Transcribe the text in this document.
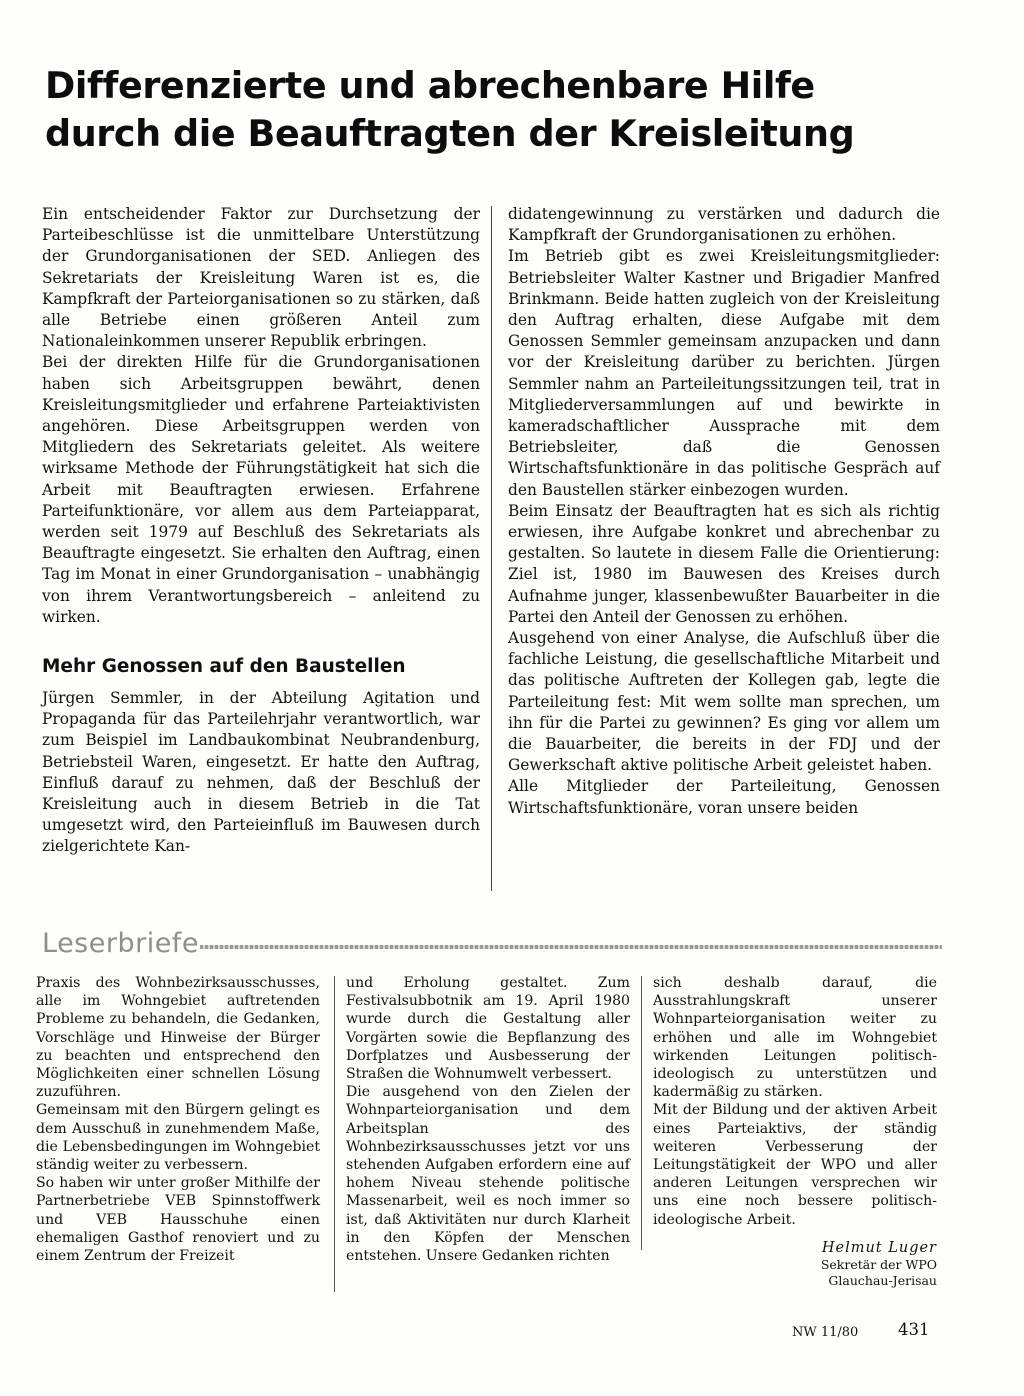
Differenzierte und abrechenbare Hilfe
durch die Beauftragten der Kreisleitung

Ein entscheidender Faktor zur Durchsetzung der Parteibeschlüsse ist die unmittelbare Unterstützung der Grundorganisationen der SED. Anliegen des Sekretariats der Kreisleitung Waren ist es, die Kampfkraft der Parteiorganisationen so zu stärken, daß alle Betriebe einen größeren Anteil zum Nationaleinkommen unserer Republik erbringen.

Bei der direkten Hilfe für die Grundorganisationen haben sich Arbeitsgruppen bewährt, denen Kreisleitungsmitglieder und erfahrene Parteiaktivisten angehören. Diese Arbeitsgruppen werden von Mitgliedern des Sekretariats geleitet. Als weitere wirksame Methode der Führungstätigkeit hat sich die Arbeit mit Beauftragten erwiesen. Erfahrene Parteifunktionäre, vor allem aus dem Parteiapparat, werden seit 1979 auf Beschluß des Sekretariats als Beauftragte eingesetzt. Sie erhalten den Auftrag, einen Tag im Monat in einer Grundorganisation – unabhängig von ihrem Verantwortungsbereich – anleitend zu wirken.

Mehr Genossen auf den Baustellen

Jürgen Semmler, in der Abteilung Agitation und Propaganda für das Parteilehrjahr verantwortlich, war zum Beispiel im Landbaukombinat Neubrandenburg, Betriebsteil Waren, eingesetzt. Er hatte den Auftrag, Einfluß darauf zu nehmen, daß der Beschluß der Kreisleitung auch in diesem Betrieb in die Tat umgesetzt wird, den Parteieinfluß im Bauwesen durch zielgerichtete Kan-

didatengewinnung zu verstärken und dadurch die Kampfkraft der Grundorganisationen zu erhöhen.

Im Betrieb gibt es zwei Kreisleitungsmitglieder: Betriebsleiter Walter Kastner und Brigadier Manfred Brinkmann. Beide hatten zugleich von der Kreisleitung den Auftrag erhalten, diese Aufgabe mit dem Genossen Semmler gemeinsam anzupacken und dann vor der Kreisleitung darüber zu berichten. Jürgen Semmler nahm an Parteileitungssitzungen teil, trat in Mitgliederversammlungen auf und bewirkte in kameradschaftlicher Aussprache mit dem Betriebsleiter, daß die Genossen Wirtschaftsfunktionäre in das politische Gespräch auf den Baustellen stärker einbezogen wurden.

Beim Einsatz der Beauftragten hat es sich als richtig erwiesen, ihre Aufgabe konkret und abrechenbar zu gestalten. So lautete in diesem Falle die Orientierung: Ziel ist, 1980 im Bauwesen des Kreises durch Aufnahme junger, klassenbewußter Bauarbeiter in die Partei den Anteil der Genossen zu erhöhen.

Ausgehend von einer Analyse, die Aufschluß über die fachliche Leistung, die gesellschaftliche Mitarbeit und das politische Auftreten der Kollegen gab, legte die Parteileitung fest: Mit wem sollte man sprechen, um ihn für die Partei zu gewinnen? Es ging vor allem um die Bauarbeiter, die bereits in der FDJ und der Gewerkschaft aktive politische Arbeit geleistet haben.

Alle Mitglieder der Parteileitung, Genossen Wirtschaftsfunktionäre, voran unsere beiden

Leserbriefe

Praxis des Wohnbezirksausschusses, alle im Wohngebiet auftretenden Probleme zu behandeln, die Gedanken, Vorschläge und Hinweise der Bürger zu beachten und entsprechend den Möglichkeiten einer schnellen Lösung zuzuführen.

Gemeinsam mit den Bürgern gelingt es dem Ausschuß in zunehmendem Maße, die Lebensbedingungen im Wohngebiet ständig weiter zu verbessern.

So haben wir unter großer Mithilfe der Partnerbetriebe VEB Spinnstoffwerk und VEB Hausschuhe einen ehemaligen Gasthof renoviert und zu einem Zentrum der Freizeit

und Erholung gestaltet. Zum Festivalsubbotnik am 19. April 1980 wurde durch die Gestaltung aller Vorgärten sowie die Bepflanzung des Dorfplatzes und Ausbesserung der Straßen die Wohnumwelt verbessert.

Die ausgehend von den Zielen der Wohnparteiorganisation und dem Arbeitsplan des Wohnbezirksausschusses jetzt vor uns stehenden Aufgaben erfordern eine auf hohem Niveau stehende politische Massenarbeit, weil es noch immer so ist, daß Aktivitäten nur durch Klarheit in den Köpfen der Menschen entstehen. Unsere Gedanken richten

sich deshalb darauf, die Ausstrahlungskraft unserer Wohnparteiorganisation weiter zu erhöhen und alle im Wohngebiet wirkenden Leitungen politisch-ideologisch zu unterstützen und kadermäßig zu stärken.

Mit der Bildung und der aktiven Arbeit eines Parteiaktivs, der ständig weiteren Verbesserung der Leitungstätigkeit der WPO und aller anderen Leitungen versprechen wir uns eine noch bessere politisch-ideologische Arbeit.

Helmut Luger

Sekretär der WPO

Glauchau-Jerisau

NW 11/80 431
